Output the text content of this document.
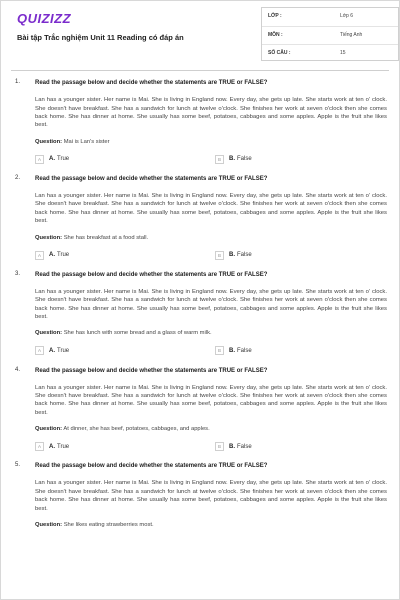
QUIZIZZ
Bài tập Trắc nghiệm Unit 11 Reading có đáp án
LỚP :	Lớp 6
MÔN :	Tiếng Anh
SỐ CÂU :	15
1. Read the passage below and decide whether the statements are TRUE or FALSE?
Lan has a younger sister. Her name is Mai. She is living in England now. Every day, she gets up late. She starts work at ten o’ clock. She doesn't have breakfast. She has a sandwich for lunch at twelve o'clock. She finishes her work at seven o'clock then she comes back home. She has dinner at home. She usually has some beef, potatoes, cabbages and some apples. Apple is the fruit she likes best.
Question: Mai is Lan's sister
A	A. True	B	B. False
2. Read the passage below and decide whether the statements are TRUE or FALSE?
Lan has a younger sister. Her name is Mai. She is living in England now. Every day, she gets up late. She starts work at ten o’ clock. She doesn't have breakfast. She has a sandwich for lunch at twelve o'clock. She finishes her work at seven o'clock then she comes back home. She has dinner at home. She usually has some beef, potatoes, cabbages and some apples. Apple is the fruit she likes best.
Question: She has breakfast at a food stall.
A	A. True	B	B. False
3. Read the passage below and decide whether the statements are TRUE or FALSE?
Lan has a younger sister. Her name is Mai. She is living in England now. Every day, she gets up late. She starts work at ten o’ clock. She doesn't have breakfast. She has a sandwich for lunch at twelve o'clock. She finishes her work at seven o'clock then she comes back home. She has dinner at home. She usually has some beef, potatoes, cabbages and some apples. Apple is the fruit she likes best.
Question: She has lunch with some bread and a glass of warm milk.
A	A. True	B	B. False
4. Read the passage below and decide whether the statements are TRUE or FALSE?
Lan has a younger sister. Her name is Mai. She is living in England now. Every day, she gets up late. She starts work at ten o’ clock. She doesn't have breakfast. She has a sandwich for lunch at twelve o'clock. She finishes her work at seven o'clock then she comes back home. She has dinner at home. She usually has some beef, potatoes, cabbages and some apples. Apple is the fruit she likes best.
Question: At dinner, she has beef, potatoes, cabbages, and apples.
A	A. True	B	B. False
5. Read the passage below and decide whether the statements are TRUE or FALSE?
Lan has a younger sister. Her name is Mai. She is living in England now. Every day, she gets up late. She starts work at ten o’ clock. She doesn't have breakfast. She has a sandwich for lunch at twelve o'clock. She finishes her work at seven o'clock then she comes back home. She has dinner at home. She usually has some beef, potatoes, cabbages and some apples. Apple is the fruit she likes best.
Question: She likes eating strawberries most.
